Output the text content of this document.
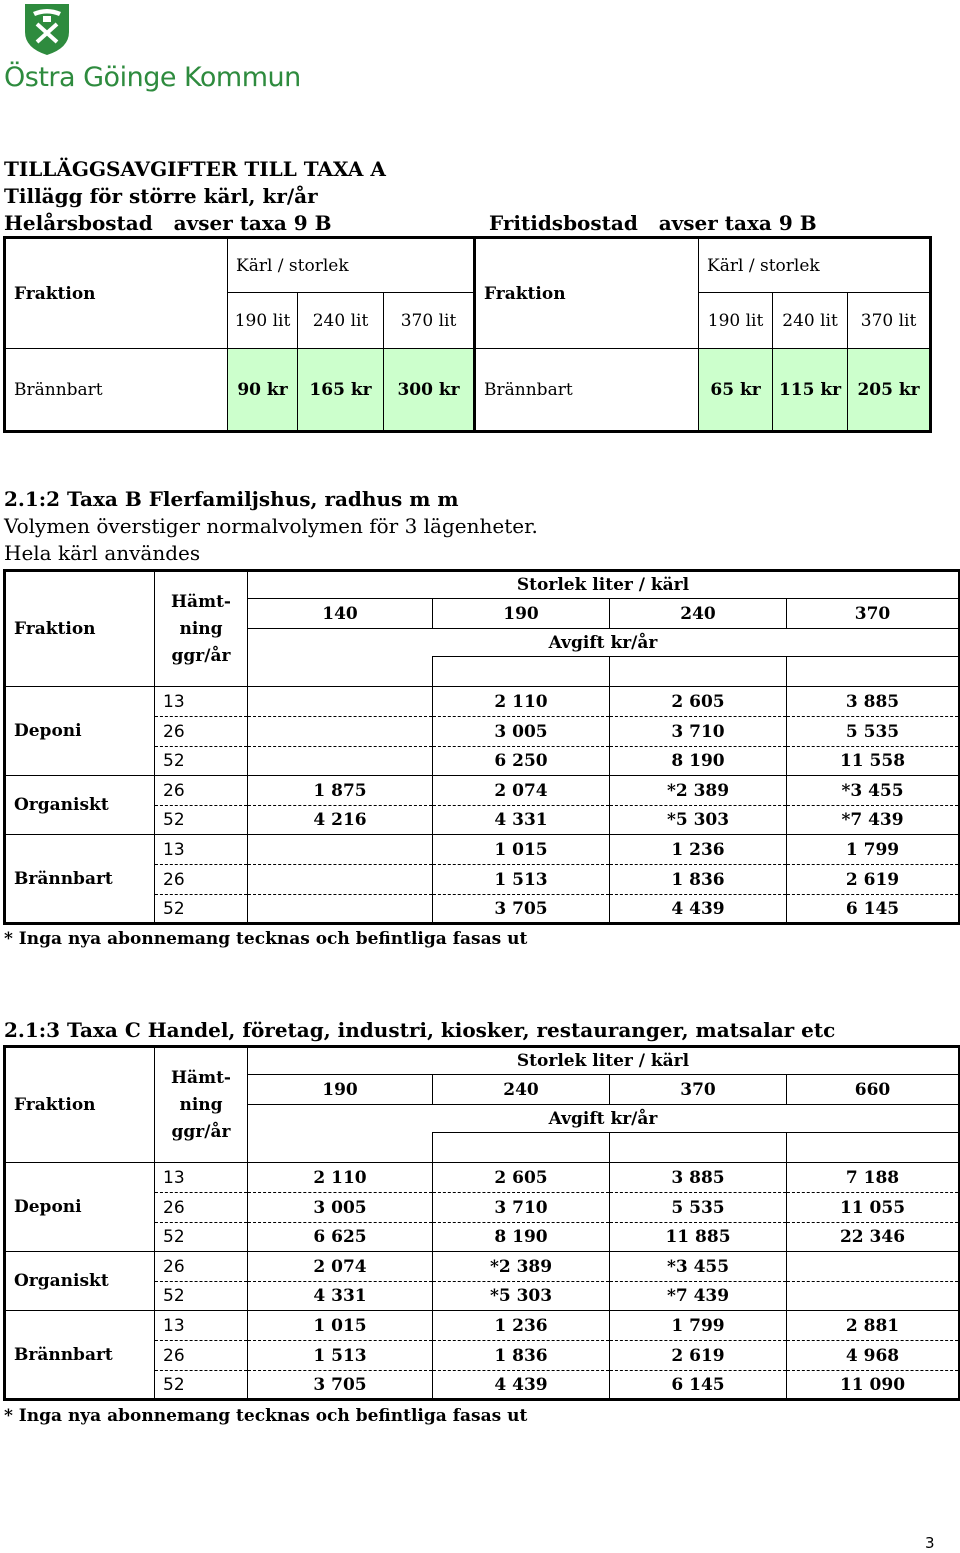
Östra Göinge Kommun
TILLÄGGSAVGIFTER TILL TAXA A
Tillägg för större kärl, kr/år
Helårsbostad   avser taxa 9 B	Fritidsbostad   avser taxa 9 B
Fraktion	Kärl / storlek			Fraktion	Kärl / storlek		
	190 lit	240 lit	370 lit		190 lit	240 lit	370 lit
Brännbart	90 kr	165 kr	300 kr	Brännbart	65 kr	115 kr	205 kr
2.1:2 Taxa B Flerfamiljshus, radhus m m
Volymen överstiger normalvolymen för 3 lägenheter.
Hela kärl användes
Fraktion	Hämt-
ning
ggr/år	Storlek liter / kärl			
		140	190	240	370
		Avgift kr/år			

Deponi	13		2 110	2 605	3 885
	26		3 005	3 710	5 535
	52		6 250	8 190	11 558
Organiskt	26	1 875	2 074	*2 389	*3 455
	52	4 216	4 331	*5 303	*7 439
Brännbart	13		1 015	1 236	1 799
	26		1 513	1 836	2 619
	52		3 705	4 439	6 145
* Inga nya abonnemang tecknas och befintliga fasas ut
2.1:3 Taxa C Handel, företag, industri, kiosker, restauranger, matsalar etc
Fraktion	Hämt-
ning
ggr/år	Storlek liter / kärl			
		190	240	370	660
		Avgift kr/år			

Deponi	13	2 110	2 605	3 885	7 188
	26	3 005	3 710	5 535	11 055
	52	6 625	8 190	11 885	22 346
Organiskt	26	2 074	*2 389	*3 455	
	52	4 331	*5 303	*7 439	
Brännbart	13	1 015	1 236	1 799	2 881
	26	1 513	1 836	2 619	4 968
	52	3 705	4 439	6 145	11 090
* Inga nya abonnemang tecknas och befintliga fasas ut
3
